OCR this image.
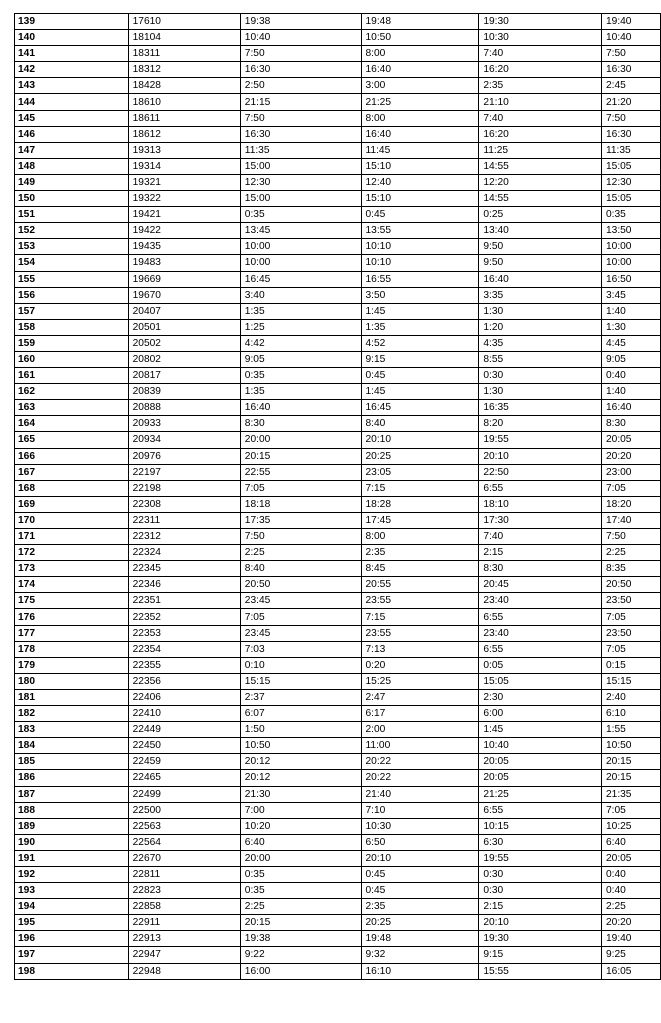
139	17610	19:38	19:48	19:30	19:40
140	18104	10:40	10:50	10:30	10:40
141	18311	7:50	8:00	7:40	7:50
142	18312	16:30	16:40	16:20	16:30
143	18428	2:50	3:00	2:35	2:45
144	18610	21:15	21:25	21:10	21:20
145	18611	7:50	8:00	7:40	7:50
146	18612	16:30	16:40	16:20	16:30
147	19313	11:35	11:45	11:25	11:35
148	19314	15:00	15:10	14:55	15:05
149	19321	12:30	12:40	12:20	12:30
150	19322	15:00	15:10	14:55	15:05
151	19421	0:35	0:45	0:25	0:35
152	19422	13:45	13:55	13:40	13:50
153	19435	10:00	10:10	9:50	10:00
154	19483	10:00	10:10	9:50	10:00
155	19669	16:45	16:55	16:40	16:50
156	19670	3:40	3:50	3:35	3:45
157	20407	1:35	1:45	1:30	1:40
158	20501	1:25	1:35	1:20	1:30
159	20502	4:42	4:52	4:35	4:45
160	20802	9:05	9:15	8:55	9:05
161	20817	0:35	0:45	0:30	0:40
162	20839	1:35	1:45	1:30	1:40
163	20888	16:40	16:45	16:35	16:40
164	20933	8:30	8:40	8:20	8:30
165	20934	20:00	20:10	19:55	20:05
166	20976	20:15	20:25	20:10	20:20
167	22197	22:55	23:05	22:50	23:00
168	22198	7:05	7:15	6:55	7:05
169	22308	18:18	18:28	18:10	18:20
170	22311	17:35	17:45	17:30	17:40
171	22312	7:50	8:00	7:40	7:50
172	22324	2:25	2:35	2:15	2:25
173	22345	8:40	8:45	8:30	8:35
174	22346	20:50	20:55	20:45	20:50
175	22351	23:45	23:55	23:40	23:50
176	22352	7:05	7:15	6:55	7:05
177	22353	23:45	23:55	23:40	23:50
178	22354	7:03	7:13	6:55	7:05
179	22355	0:10	0:20	0:05	0:15
180	22356	15:15	15:25	15:05	15:15
181	22406	2:37	2:47	2:30	2:40
182	22410	6:07	6:17	6:00	6:10
183	22449	1:50	2:00	1:45	1:55
184	22450	10:50	11:00	10:40	10:50
185	22459	20:12	20:22	20:05	20:15
186	22465	20:12	20:22	20:05	20:15
187	22499	21:30	21:40	21:25	21:35
188	22500	7:00	7:10	6:55	7:05
189	22563	10:20	10:30	10:15	10:25
190	22564	6:40	6:50	6:30	6:40
191	22670	20:00	20:10	19:55	20:05
192	22811	0:35	0:45	0:30	0:40
193	22823	0:35	0:45	0:30	0:40
194	22858	2:25	2:35	2:15	2:25
195	22911	20:15	20:25	20:10	20:20
196	22913	19:38	19:48	19:30	19:40
197	22947	9:22	9:32	9:15	9:25
198	22948	16:00	16:10	15:55	16:05
